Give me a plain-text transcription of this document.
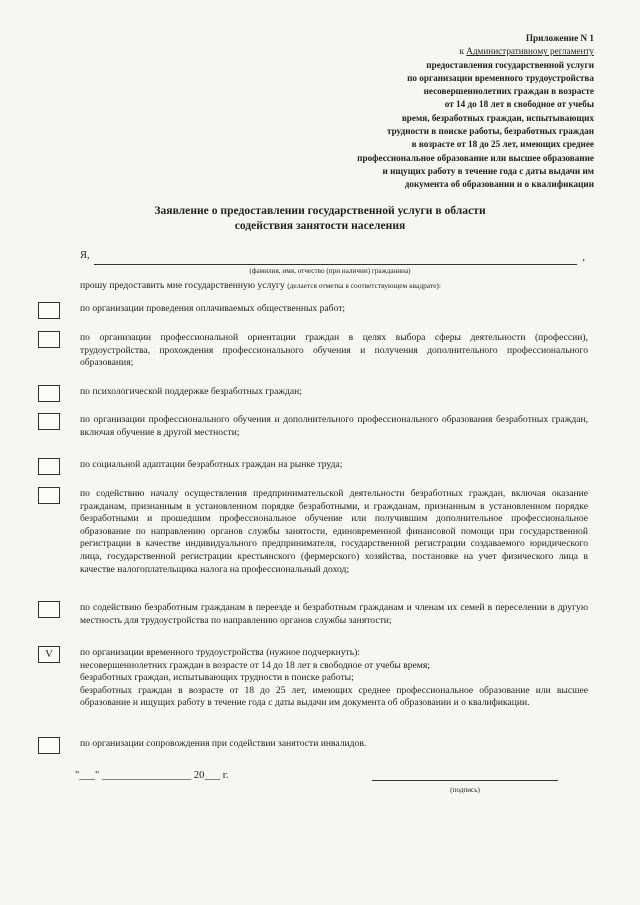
Приложение N 1
к Административному регламенту
предоставления государственной услуги
по организации временного трудоустройства
несовершеннолетних граждан в возрасте
от 14 до 18 лет в свободное от учебы
время, безработных граждан, испытывающих
трудности в поиске работы, безработных граждан
в возрасте от 18 до 25 лет, имеющих среднее
профессиональное образование или высшее образование
и ищущих работу в течение года с даты выдачи им
документа об образовании и о квалификации
Заявление о предоставлении государственной услуги в области
содействия занятости населения
Я,	,
(фамилия, имя, отчество (при наличии) гражданина)
прошу предоставить мне государственную услугу (делается отметка в соответствующем квадрате):
по организации проведения оплачиваемых общественных работ;
по организации профессиональной ориентации граждан в целях выбора сферы деятельности (профессии), трудоустройства, прохождения профессионального обучения и получения дополнительного профессионального образования;
по психологической поддержке безработных граждан;
по организации профессионального обучения и дополнительного профессионального образования безработных граждан, включая обучение в другой местности;
по социальной адаптации безработных граждан на рынке труда;
по содействию началу осуществления предпринимательской деятельности безработных граждан, включая оказание гражданам, признанным в установленном порядке безработными, и гражданам, признанным в установленном порядке безработными и прошедшим профессиональное обучение или получившим дополнительное профессиональное образование по направлению органов службы занятости, единовременной финансовой помощи при государственной регистрации в качестве индивидуального предпринимателя, государственной регистрации создаваемого юридического лица, государственной регистрации крестьянского (фермерского) хозяйства, постановке на учет физического лица в качестве налогоплательщика налога на профессиональный доход;
по содействию безработным гражданам в переезде и безработным гражданам и членам их семей в переселении в другую местность для трудоустройства по направлению органов службы занятости;
V	по организации временного трудоустройства (нужное подчеркнуть):
несовершеннолетних граждан в возрасте от 14 до 18 лет в свободное от учебы время;
безработных граждан, испытывающих трудности в поиске работы;
безработных граждан в возрасте от 18 до 25 лет, имеющих среднее профессиональное образование или высшее образование и ищущих работу в течение года с даты выдачи им документа об образовании и о квалификации.
по организации сопровождения при содействии занятости инвалидов.
"___" _________________ 20___ г.
(подпись)
